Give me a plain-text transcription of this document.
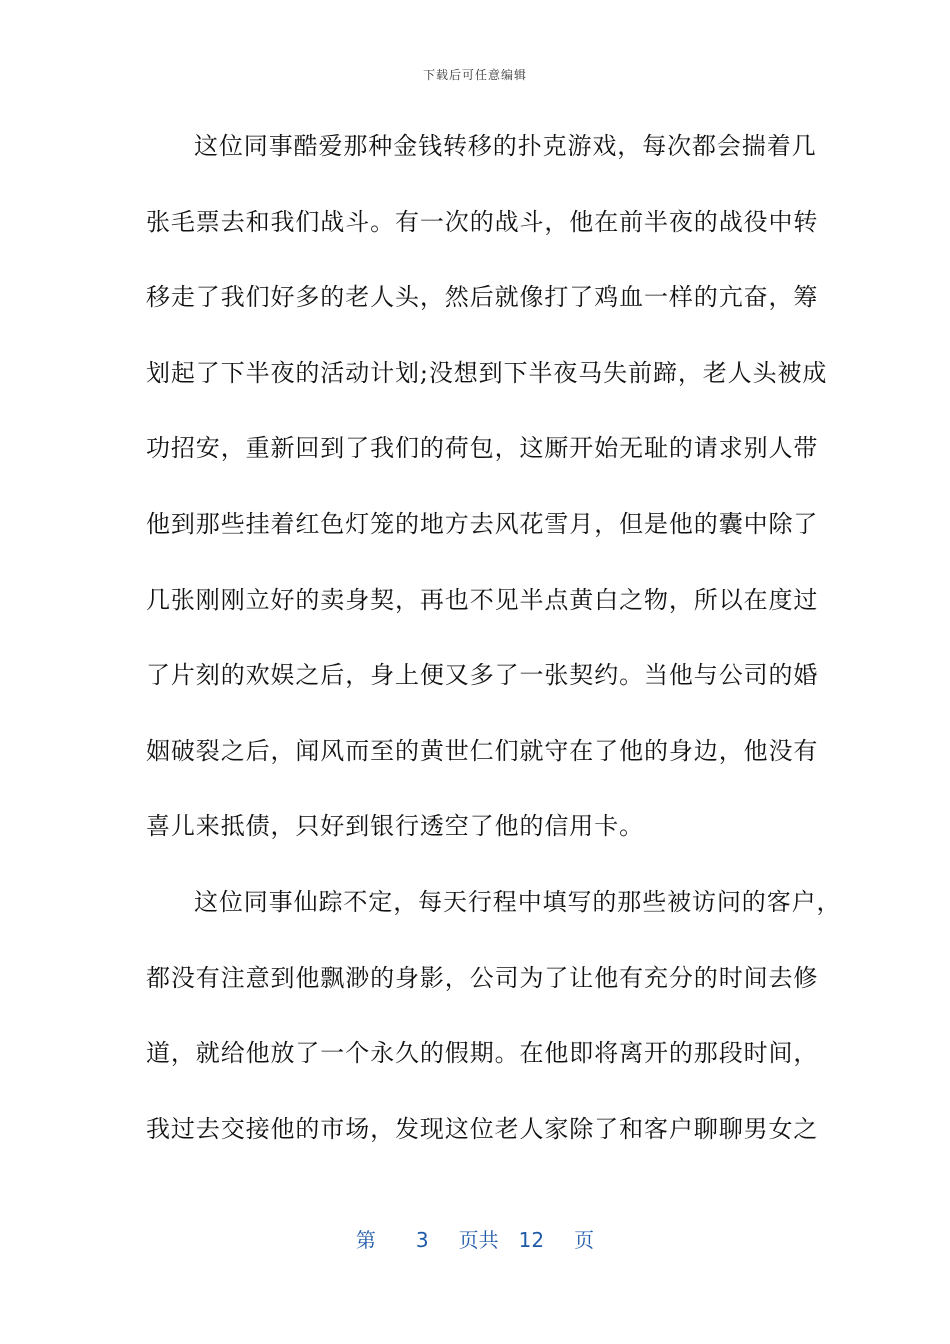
下载后可任意编辑
这位同事酷爱那种金钱转移的扑克游戏，每次都会揣着几
张毛票去和我们战斗。有一次的战斗，他在前半夜的战役中转
移走了我们好多的老人头，然后就像打了鸡血一样的亢奋，筹
划起了下半夜的活动计划;没想到下半夜马失前蹄，老人头被成
功招安，重新回到了我们的荷包，这厮开始无耻的请求别人带
他到那些挂着红色灯笼的地方去风花雪月，但是他的囊中除了
几张刚刚立好的卖身契，再也不见半点黄白之物，所以在度过
了片刻的欢娱之后，身上便又多了一张契约。当他与公司的婚
姻破裂之后，闻风而至的黄世仁们就守在了他的身边，他没有
喜儿来抵债，只好到银行透空了他的信用卡。
这位同事仙踪不定，每天行程中填写的那些被访问的客户，
都没有注意到他飘渺的身影，公司为了让他有充分的时间去修
道，就给他放了一个永久的假期。在他即将离开的那段时间，
我过去交接他的市场，发现这位老人家除了和客户聊聊男女之
第 3 页共 12 页
